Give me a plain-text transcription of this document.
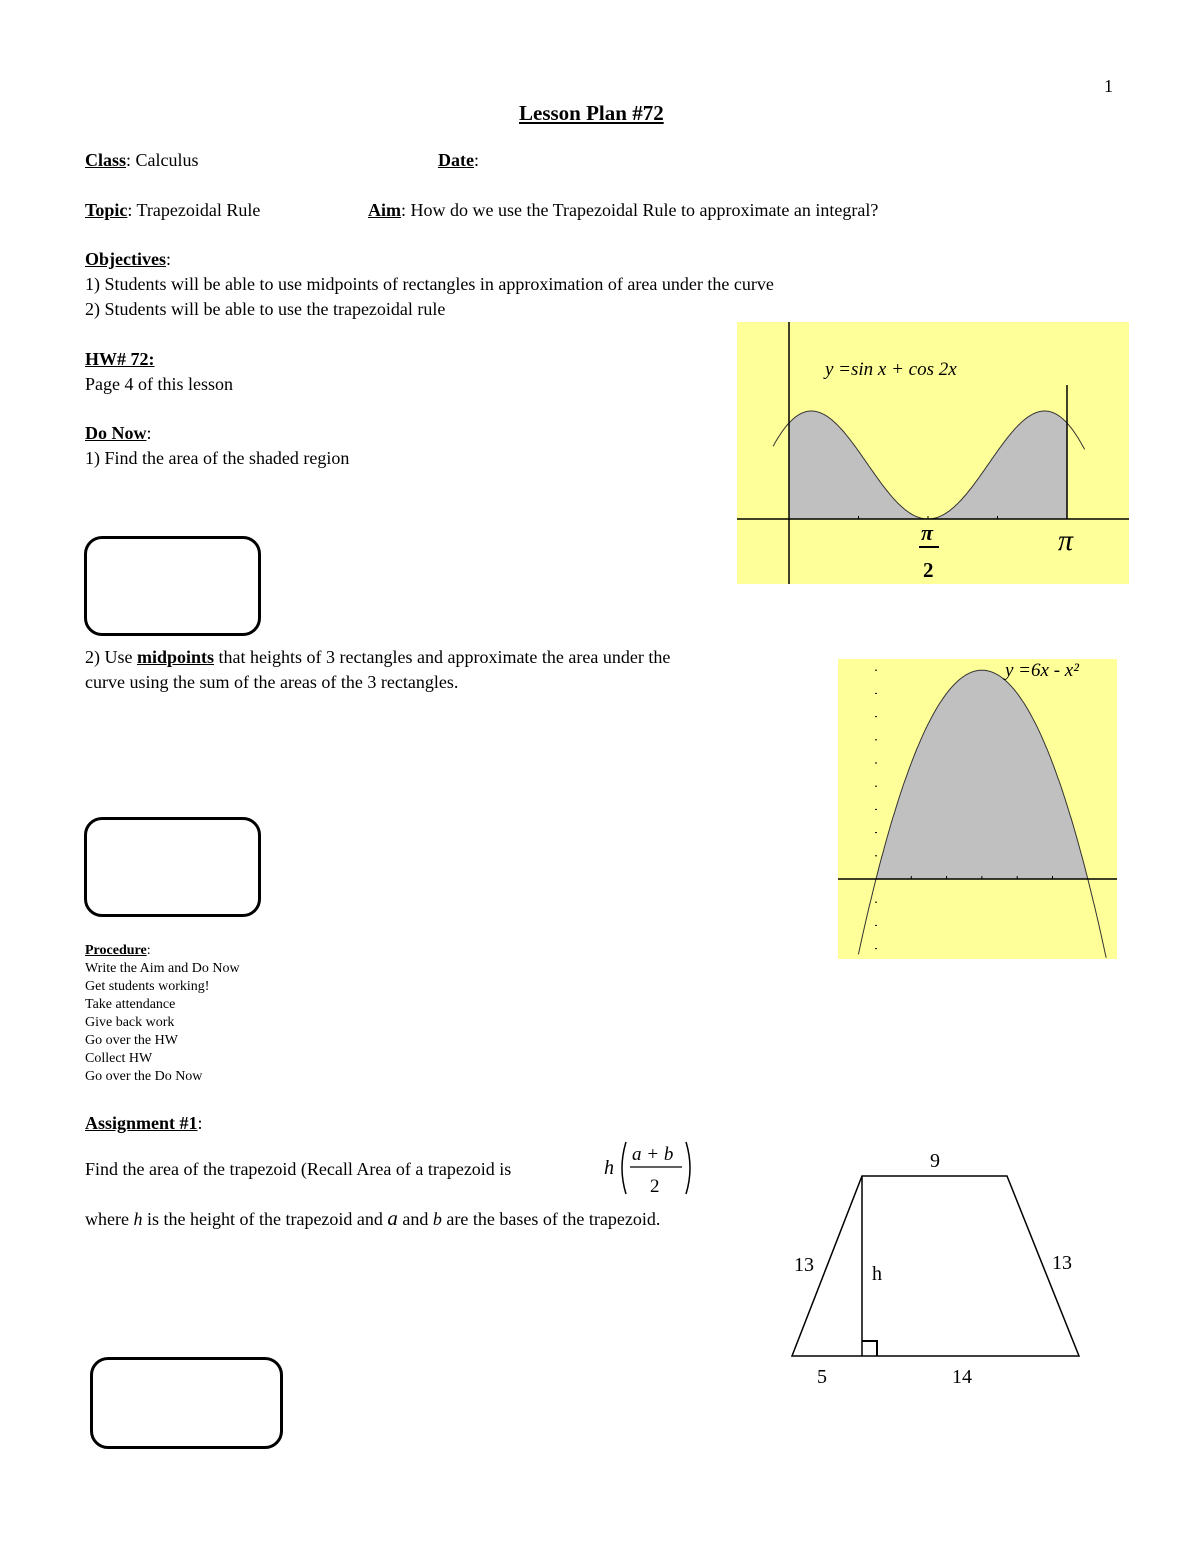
1
Lesson Plan #72
Class: Calculus	Date:
Topic: Trapezoidal Rule	Aim: How do we use the Trapezoidal Rule to approximate an integral?
Objectives:
1) Students will be able to use midpoints of rectangles in approximation of area under the curve
2) Students will be able to use the trapezoidal rule
HW# 72:
Page 4 of this lesson
Do Now:
1) Find the area of the shaded region
y =sin x + cos 2x
π
2
π
2) Use midpoints that heights of 3 rectangles and approximate the area under the
curve using the sum of the areas of the 3 rectangles.
y =6x - x²
Procedure:
Write the Aim and Do Now
Get students working!
Take attendance
Give back work
Go over the HW
Collect HW
Go over the Do Now
Assignment #1:
Find the area of the trapezoid (Recall Area of a trapezoid is	h
a + b
2
where h is the height of the trapezoid and a and b are the bases of the trapezoid.
9
13	13
h
5	14
